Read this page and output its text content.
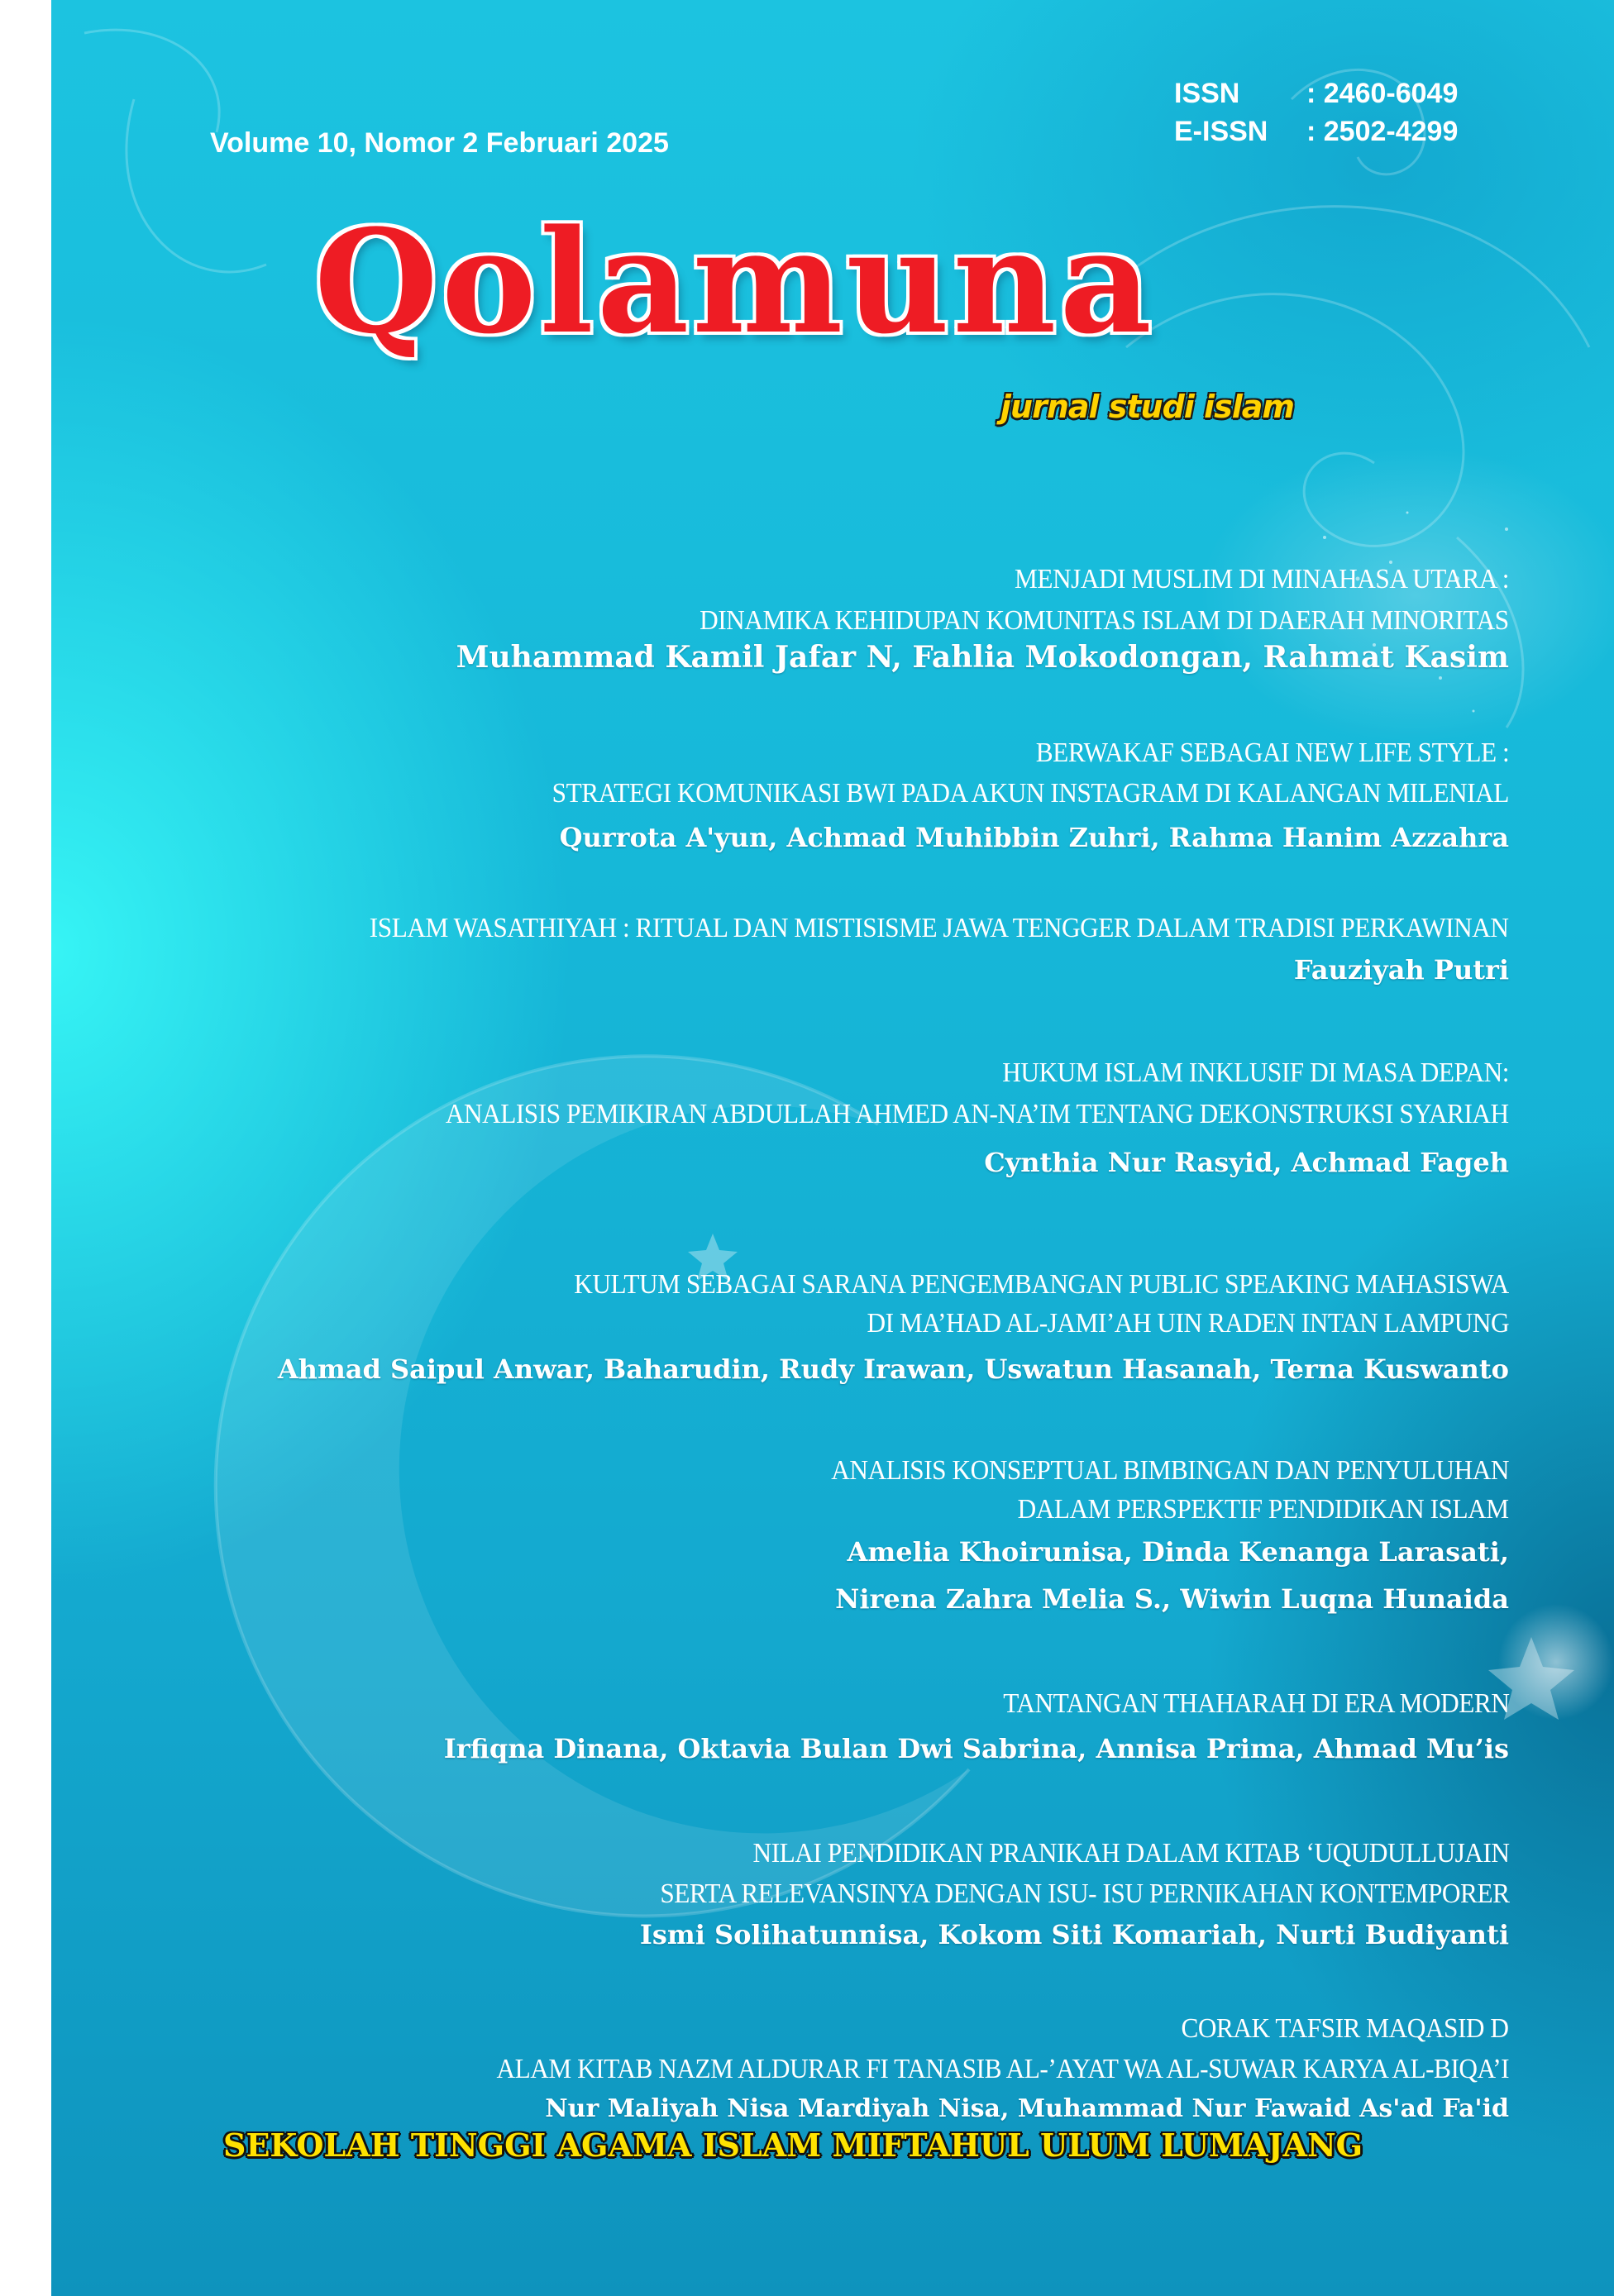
Volume 10, Nomor 2 Februari 2025

ISSN : 2460-6049

E-ISSN : 2502-4299

Qolamuna
jurnal studi islam

MENJADI MUSLIM DI MINAHASA UTARA :

DINAMIKA KEHIDUPAN KOMUNITAS ISLAM DI DAERAH MINORITAS

Muhammad Kamil Jafar N, Fahlia Mokodongan, Rahmat Kasim

BERWAKAF SEBAGAI NEW LIFE STYLE :

STRATEGI KOMUNIKASI BWI PADA AKUN INSTAGRAM DI KALANGAN MILENIAL

Qurrota A'yun, Achmad Muhibbin Zuhri, Rahma Hanim Azzahra

ISLAM WASATHIYAH : RITUAL DAN MISTISISME JAWA TENGGER DALAM TRADISI PERKAWINAN

Fauziyah Putri

HUKUM ISLAM INKLUSIF DI MASA DEPAN:

ANALISIS PEMIKIRAN ABDULLAH AHMED AN-NA’IM TENTANG DEKONSTRUKSI SYARIAH

Cynthia Nur Rasyid, Achmad Fageh

KULTUM SEBAGAI SARANA PENGEMBANGAN PUBLIC SPEAKING MAHASISWA

DI MA’HAD AL-JAMI’AH UIN RADEN INTAN LAMPUNG

Ahmad Saipul Anwar, Baharudin, Rudy Irawan, Uswatun Hasanah, Terna Kuswanto

ANALISIS KONSEPTUAL BIMBINGAN DAN PENYULUHAN

DALAM PERSPEKTIF PENDIDIKAN ISLAM

Amelia Khoirunisa, Dinda Kenanga Larasati,

Nirena Zahra Melia S., Wiwin Luqna Hunaida

TANTANGAN THAHARAH DI ERA MODERN

Irfiqna Dinana, Oktavia Bulan Dwi Sabrina, Annisa Prima, Ahmad Mu’is

NILAI PENDIDIKAN PRANIKAH DALAM KITAB ‘UQUDULLUJAIN

SERTA RELEVANSINYA DENGAN ISU- ISU PERNIKAHAN KONTEMPORER

Ismi Solihatunnisa, Kokom Siti Komariah, Nurti Budiyanti

CORAK TAFSIR MAQASID D

ALAM KITAB NAZM ALDURAR FI TANASIB AL-’AYAT WA AL-SUWAR KARYA AL-BIQA’I

Nur Maliyah Nisa Mardiyah Nisa, Muhammad Nur Fawaid As'ad Fa'id

SEKOLAH TINGGI AGAMA ISLAM MIFTAHUL ULUM LUMAJANG
